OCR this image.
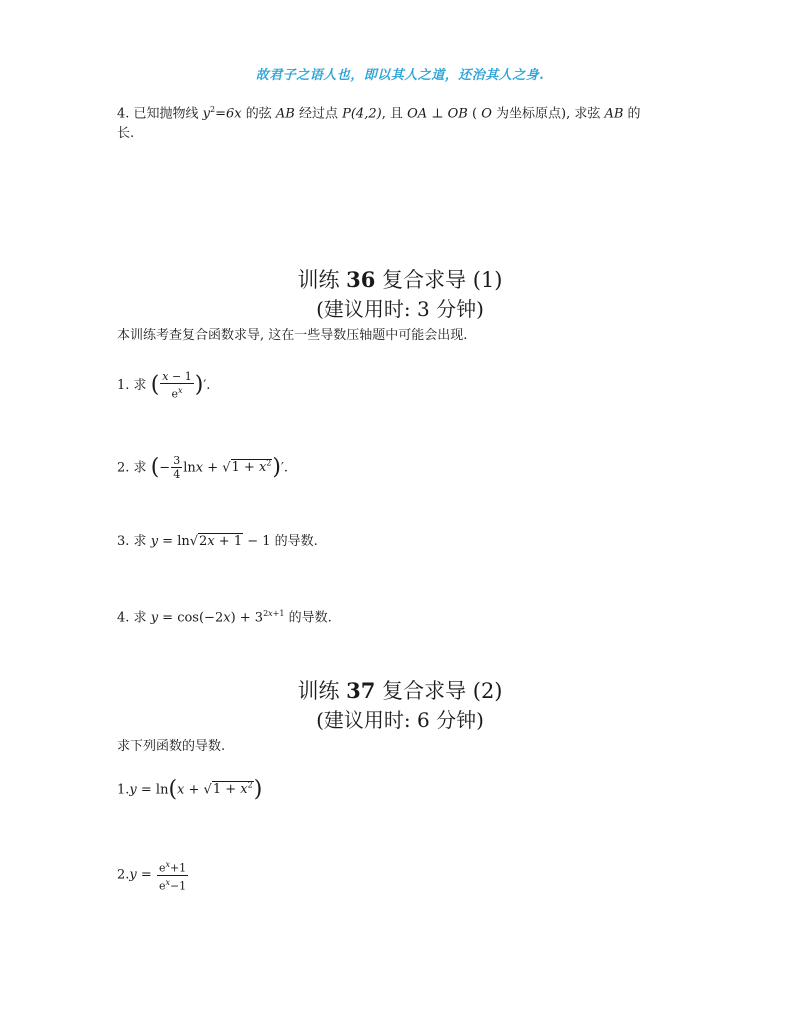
故君子之语人也，即以其人之道，还治其人之身.
4. 已知抛物线 $y^2=6x$ 的弦 AB 经过点 P(4,2), 且 OA ⊥ OB ( O 为坐标原点), 求弦 AB 的
长.
训练 36 复合求导 (1)
(建议用时: 3 分钟)
本训练考查复合函数求导, 这在一些导数压轴题中可能会出现.
1. 求 ( $\frac{x - 1}{e^x}$ )′.
2. 求 (− $\frac{3}{4}$ $\ln x + √1 + x^2)'$.
3. 求 y = ln√2x + 1 − 1 的导数.
4. 求 $y = \cos(-2x) + 3^{2x+1}$ 的导数.
训练 37 复合求导 (2)
(建议用时: 6 分钟)
求下列函数的导数.
$1.y = \ln(x + √1 + x^2)$
$2.y = \frac{e^x+1}{e^x-1}$
